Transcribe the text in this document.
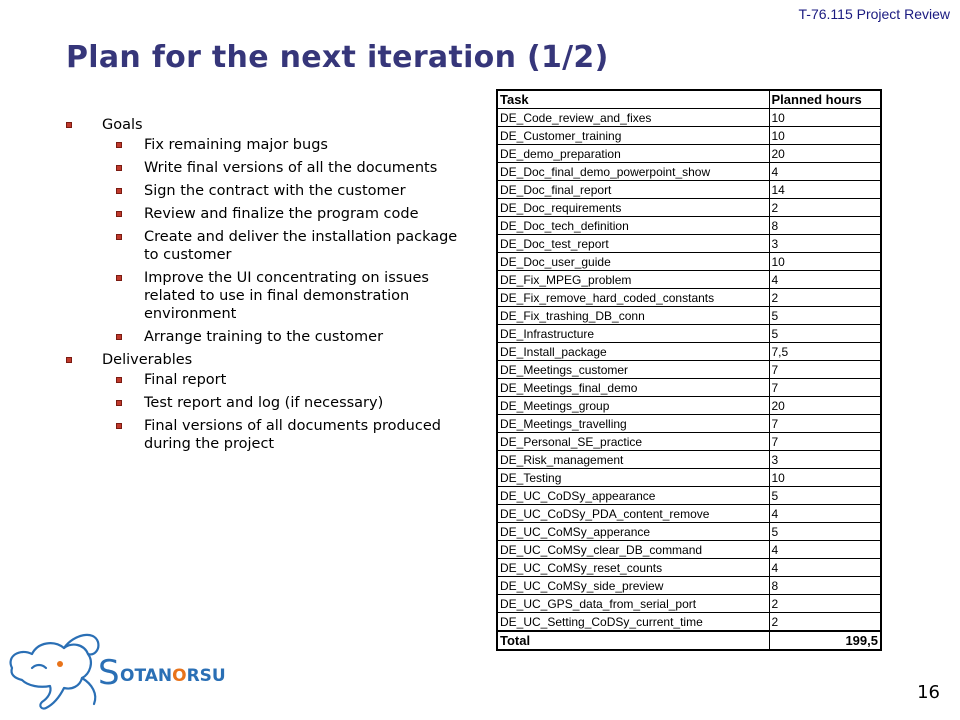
T-76.115 Project Review
Plan for the next iteration (1/2)
Goals
Fix remaining major bugs
Write final versions of all the documents
Sign the contract with the customer
Review and finalize the program code
Create and deliver the installation package to customer
Improve the UI concentrating on issues related to use in final demonstration environment
Arrange training to the customer
Deliverables
Final report
Test report and log (if necessary)
Final versions of all documents produced during the project
Task	Planned hours
DE_Code_review_and_fixes	10
DE_Customer_training	10
DE_demo_preparation	20
DE_Doc_final_demo_powerpoint_show	4
DE_Doc_final_report	14
DE_Doc_requirements	2
DE_Doc_tech_definition	8
DE_Doc_test_report	3
DE_Doc_user_guide	10
DE_Fix_MPEG_problem	4
DE_Fix_remove_hard_coded_constants	2
DE_Fix_trashing_DB_conn	5
DE_Infrastructure	5
DE_Install_package	7,5
DE_Meetings_customer	7
DE_Meetings_final_demo	7
DE_Meetings_group	20
DE_Meetings_travelling	7
DE_Personal_SE_practice	7
DE_Risk_management	3
DE_Testing	10
DE_UC_CoDSy_appearance	5
DE_UC_CoDSy_PDA_content_remove	4
DE_UC_CoMSy_apperance	5
DE_UC_CoMSy_clear_DB_command	4
DE_UC_CoMSy_reset_counts	4
DE_UC_CoMSy_side_preview	8
DE_UC_GPS_data_from_serial_port	2
DE_UC_Setting_CoDSy_current_time	2
Total	199,5
S OTANORSU
16
